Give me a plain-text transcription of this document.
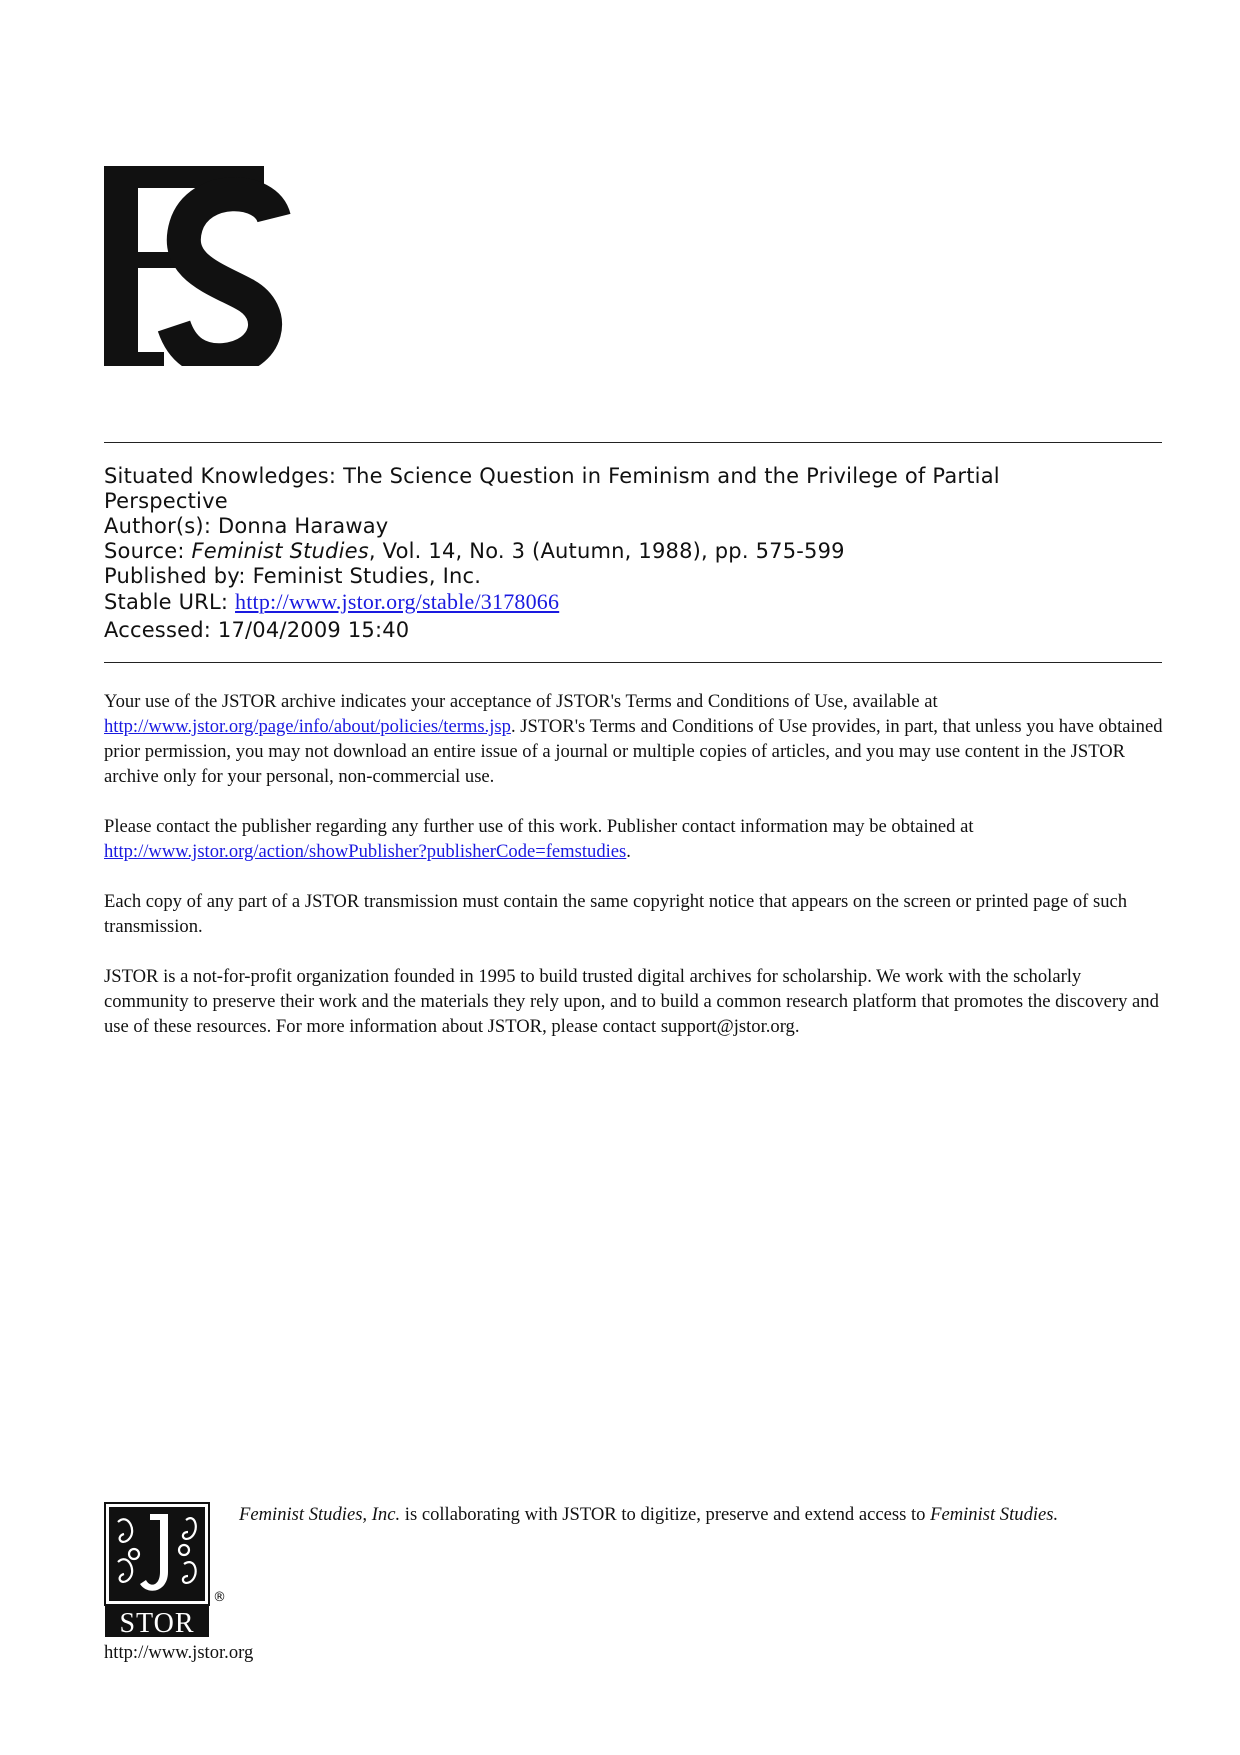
Situated Knowledges: The Science Question in Feminism and the Privilege of Partial Perspective
Author(s): Donna Haraway
Source: Feminist Studies, Vol. 14, No. 3 (Autumn, 1988), pp. 575-599
Published by: Feminist Studies, Inc.
Stable URL: http://www.jstor.org/stable/3178066
Accessed: 17/04/2009 15:40

Your use of the JSTOR archive indicates your acceptance of JSTOR's Terms and Conditions of Use, available at http://www.jstor.org/page/info/about/policies/terms.jsp. JSTOR's Terms and Conditions of Use provides, in part, that unless you have obtained prior permission, you may not download an entire issue of a journal or multiple copies of articles, and you may use content in the JSTOR archive only for your personal, non-commercial use.

Please contact the publisher regarding any further use of this work. Publisher contact information may be obtained at http://www.jstor.org/action/showPublisher?publisherCode=femstudies.

Each copy of any part of a JSTOR transmission must contain the same copyright notice that appears on the screen or printed page of such transmission.

JSTOR is a not-for-profit organization founded in 1995 to build trusted digital archives for scholarship. We work with the scholarly community to preserve their work and the materials they rely upon, and to build a common research platform that promotes the discovery and use of these resources. For more information about JSTOR, please contact support@jstor.org.

STOR
®
http://www.jstor.org
Feminist Studies, Inc. is collaborating with JSTOR to digitize, preserve and extend access to Feminist Studies.
